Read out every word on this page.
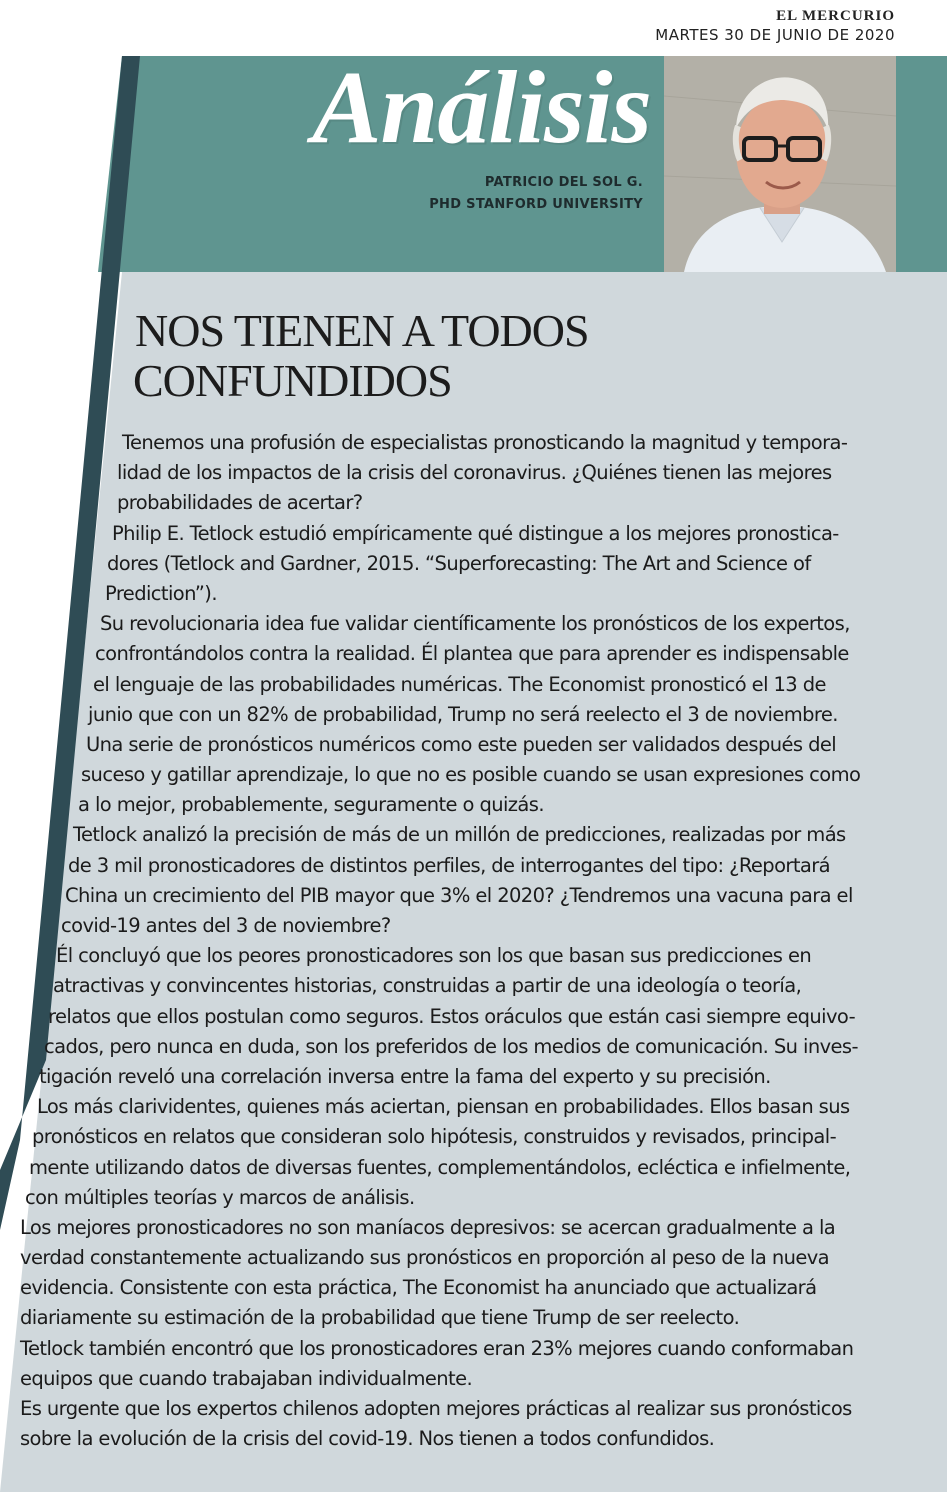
EL MERCURIO
MARTES 30 DE JUNIO DE 2020
Análisis
PATRICIO DEL SOL G.
PHD STANFORD UNIVERSITY
NOS TIENEN A TODOS
CONFUNDIDOS
Tenemos una profusión de especialistas pronosticando la magnitud y tempora-
lidad de los impactos de la crisis del coronavirus. ¿Quiénes tienen las mejores
probabilidades de acertar?
Philip E. Tetlock estudió empíricamente qué distingue a los mejores pronostica-
dores (Tetlock and Gardner, 2015. “Superforecasting: The Art and Science of
Prediction”).
Su revolucionaria idea fue validar científicamente los pronósticos de los expertos,
confrontándolos contra la realidad. Él plantea que para aprender es indispensable
el lenguaje de las probabilidades numéricas. The Economist pronosticó el 13 de
junio que con un 82% de probabilidad, Trump no será reelecto el 3 de noviembre.
Una serie de pronósticos numéricos como este pueden ser validados después del
suceso y gatillar aprendizaje, lo que no es posible cuando se usan expresiones como
a lo mejor, probablemente, seguramente o quizás.
Tetlock analizó la precisión de más de un millón de predicciones, realizadas por más
de 3 mil pronosticadores de distintos perfiles, de interrogantes del tipo: ¿Reportará
China un crecimiento del PIB mayor que 3% el 2020? ¿Tendremos una vacuna para el
covid-19 antes del 3 de noviembre?
Él concluyó que los peores pronosticadores son los que basan sus predicciones en
atractivas y convincentes historias, construidas a partir de una ideología o teoría,
relatos que ellos postulan como seguros. Estos oráculos que están casi siempre equivo-
cados, pero nunca en duda, son los preferidos de los medios de comunicación. Su inves-
tigación reveló una correlación inversa entre la fama del experto y su precisión.
Los más clarividentes, quienes más aciertan, piensan en probabilidades. Ellos basan sus
pronósticos en relatos que consideran solo hipótesis, construidos y revisados, principal-
mente utilizando datos de diversas fuentes, complementándolos, ecléctica e infielmente,
con múltiples teorías y marcos de análisis.
Los mejores pronosticadores no son maníacos depresivos: se acercan gradualmente a la
verdad constantemente actualizando sus pronósticos en proporción al peso de la nueva
evidencia. Consistente con esta práctica, The Economist ha anunciado que actualizará
diariamente su estimación de la probabilidad que tiene Trump de ser reelecto.
Tetlock también encontró que los pronosticadores eran 23% mejores cuando conformaban
equipos que cuando trabajaban individualmente.
Es urgente que los expertos chilenos adopten mejores prácticas al realizar sus pronósticos
sobre la evolución de la crisis del covid-19. Nos tienen a todos confundidos.
